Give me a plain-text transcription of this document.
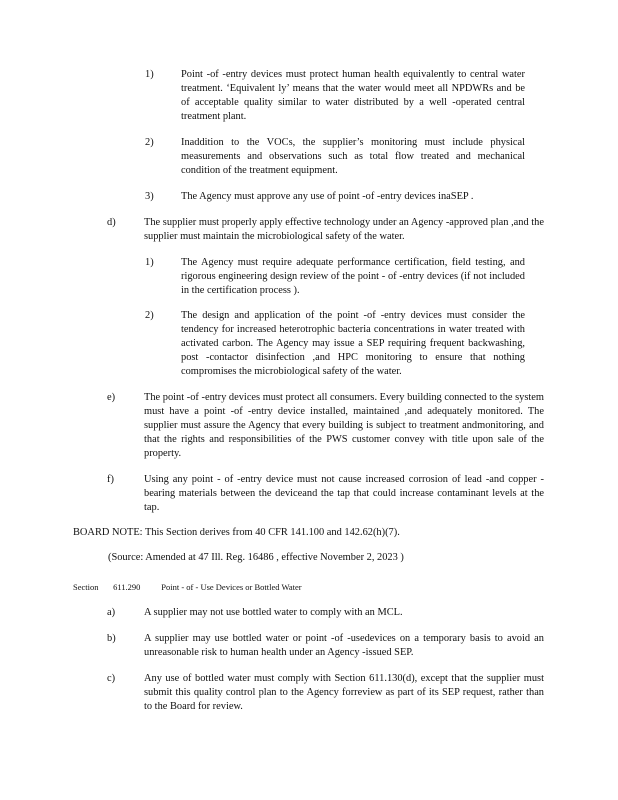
1)	Point -of -entry devices must protect human health equivalently to central water treatment. ‘Equivalent ly’ means that the water would meet all NPDWRs and be of acceptable quality similar to water distributed by a well -operated central treatment plant.
2)	Inaddition to the VOCs, the supplier’s monitoring must include physical measurements and observations such as total flow treated and mechanical condition of the treatment equipment.
3)	The Agency must approve any use of point -of -entry devices inaSEP .
d)	The supplier must properly apply effective technology under an Agency -approved plan ,and the supplier must maintain the microbiological safety of the water.
1)	The Agency must require adequate performance certification, field testing, and rigorous engineering design review of the point - of -entry devices (if not included in the certification process ).
2)	The design and application of the point -of -entry devices must consider the tendency for increased heterotrophic bacteria concentrations in water treated with activated carbon. The Agency may issue a SEP requiring frequent backwashing, post -contactor disinfection ,and HPC monitoring to ensure that nothing compromises the microbiological safety of the water.
e)	The point -of -entry devices must protect all consumers. Every building connected to the system must have a point -of -entry device installed, maintained ,and adequately monitored. The supplier must assure the Agency that every building is subject to treatment andmonitoring, and that the rights and responsibilities of the PWS customer convey with title upon sale of the property.
f)	Using any point - of -entry device must not cause increased corrosion of lead -and copper -bearing materials between the deviceand the tap that could increase contaminant levels at the tap.
BOARD NOTE: This Section derives from 40 CFR 141.100 and 142.62(h)(7).
(Source: Amended at 47 Ill. Reg. 16486 , effective November 2, 2023 )
Section 611.290 Point - of - Use Devices or Bottled Water
a)	A supplier may not use bottled water to comply with an MCL.
b)	A supplier may use bottled water or point -of -usedevices on a temporary basis to avoid an unreasonable risk to human health under an Agency -issued SEP.
c)	Any use of bottled water must comply with Section 611.130(d), except that the supplier must submit this quality control plan to the Agency forreview as part of its SEP request, rather than to the Board for review.
